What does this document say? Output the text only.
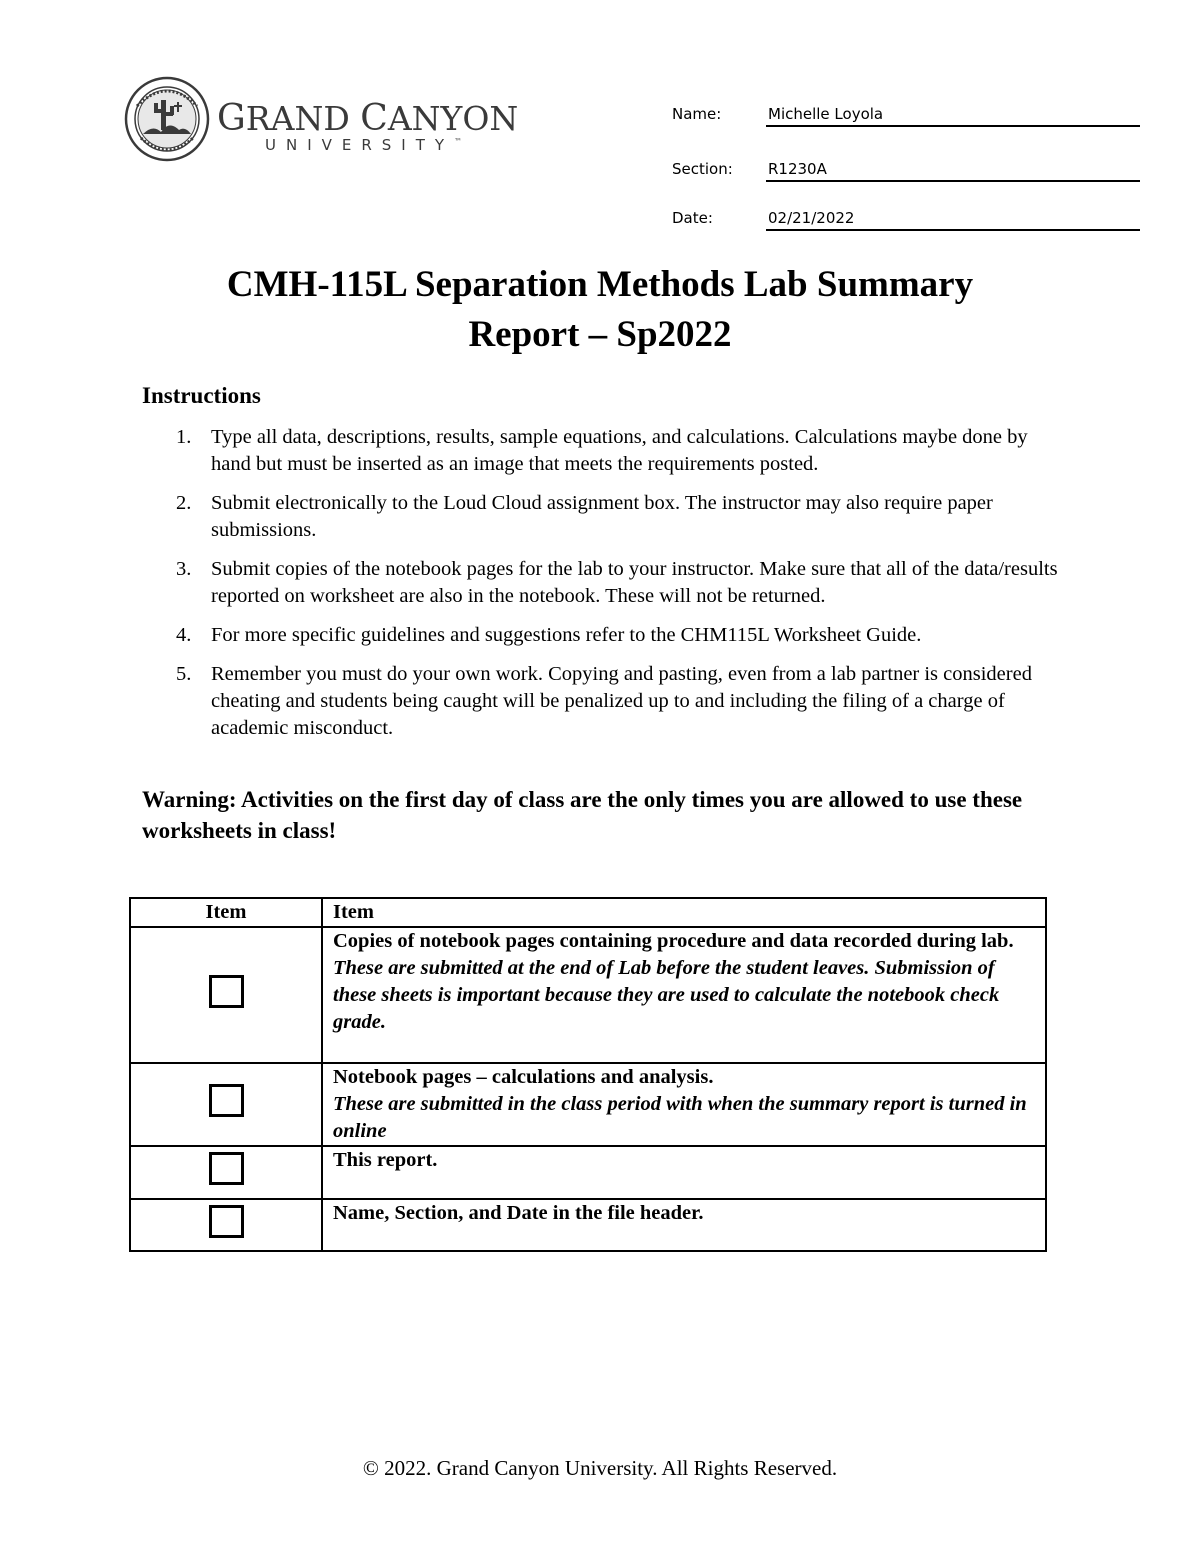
GRAND CANYON
UNIVERSITY™
Name:	Michelle Loyola
Section: R1230A
Date:	02/21/2022
CMH-115L Separation Methods Lab Summary
Report – Sp2022
Instructions
1. Type all data, descriptions, results, sample equations, and calculations. Calculations maybe done by hand but must be inserted as an image that meets the requirements posted.
2. Submit electronically to the Loud Cloud assignment box. The instructor may also require paper submissions.
3. Submit copies of the notebook pages for the lab to your instructor. Make sure that all of the data/results reported on worksheet are also in the notebook. These will not be returned.
4. For more specific guidelines and suggestions refer to the CHM115L Worksheet Guide.
5. Remember you must do your own work. Copying and pasting, even from a lab partner is considered cheating and students being caught will be penalized up to and including the filing of a charge of academic misconduct.
Warning: Activities on the first day of class are the only times you are allowed to use these worksheets in class!
Item	Item

	Copies of notebook pages containing procedure and data recorded during lab.
These are submitted at the end of Lab before the student leaves. Submission of these sheets is important because they are used to calculate the notebook check grade.

	Notebook pages – calculations and analysis.
These are submitted in the class period with when the summary report is turned in online

	This report.

	Name, Section, and Date in the file header.
© 2022. Grand Canyon University. All Rights Reserved.
